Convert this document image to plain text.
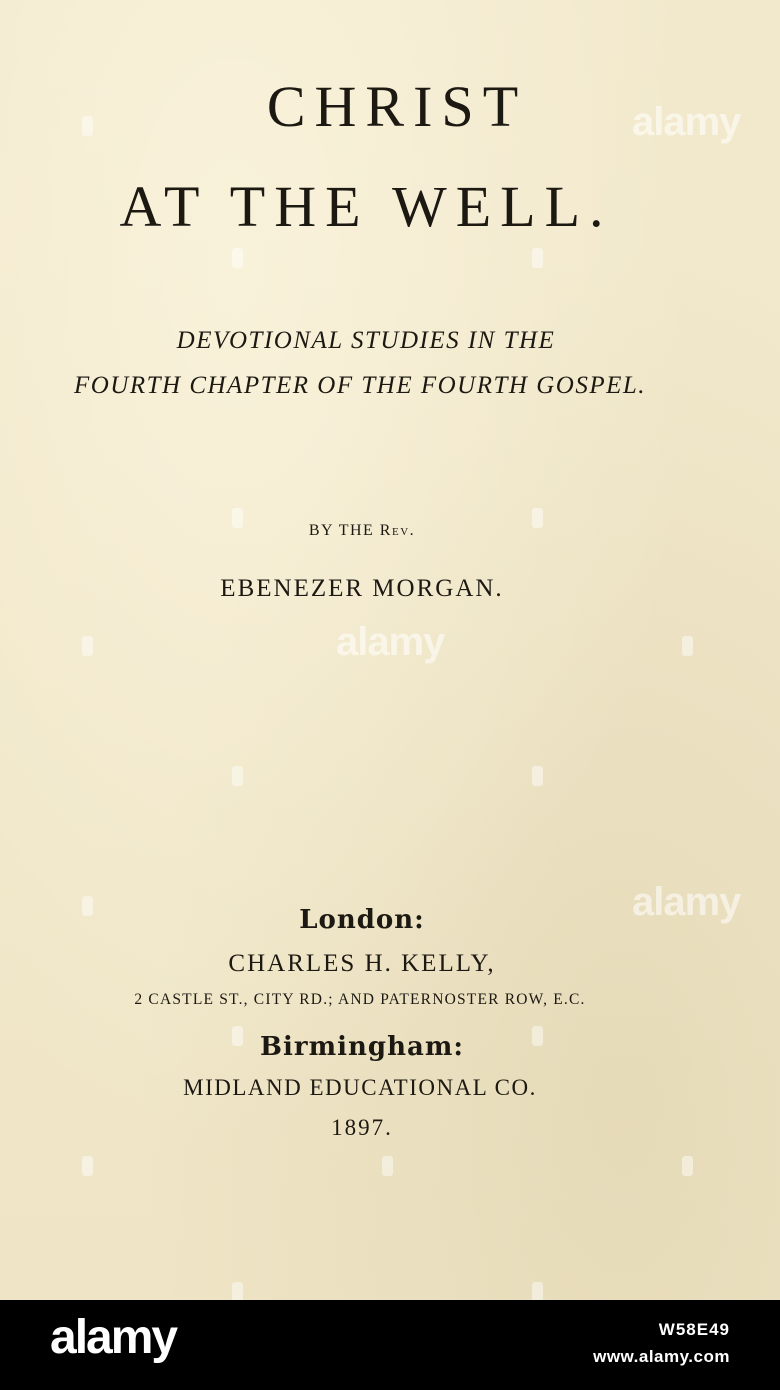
CHRIST
AT THE WELL.
DEVOTIONAL STUDIES IN THE
FOURTH CHAPTER OF THE FOURTH GOSPEL.
BY THE Rev.
EBENEZER MORGAN.
London:
CHARLES H. KELLY,
2 CASTLE ST., CITY RD.; AND PATERNOSTER ROW, E.C.
Birmingham:
MIDLAND EDUCATIONAL CO.
1897.
alamy
alamy
alamy
alamy	W58E49
www.alamy.com
